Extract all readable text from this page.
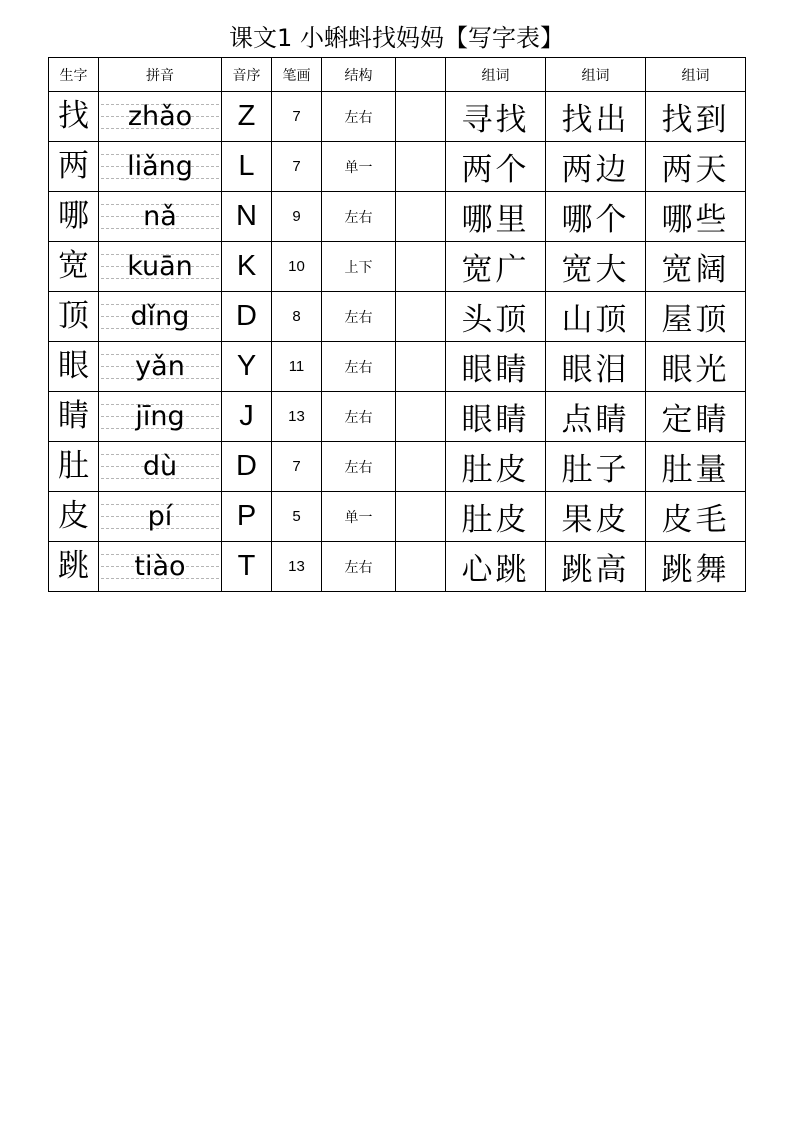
课文1 小蝌蚪找妈妈【写字表】
生字	拼音	音序	笔画	结构		组词	组词	组词
找	zhǎo	Z	7	左右		寻找	找出	找到
两	liǎng	L	7	单一		两个	两边	两天
哪	nǎ	N	9	左右		哪里	哪个	哪些
宽	kuān	K	10	上下		宽广	宽大	宽阔
顶	dǐng	D	8	左右		头顶	山顶	屋顶
眼	yǎn	Y	11	左右		眼睛	眼泪	眼光
睛	jīng	J	13	左右		眼睛	点睛	定睛
肚	dù	D	7	左右		肚皮	肚子	肚量
皮	pí	P	5	单一		肚皮	果皮	皮毛
跳	tiào	T	13	左右		心跳	跳高	跳舞
